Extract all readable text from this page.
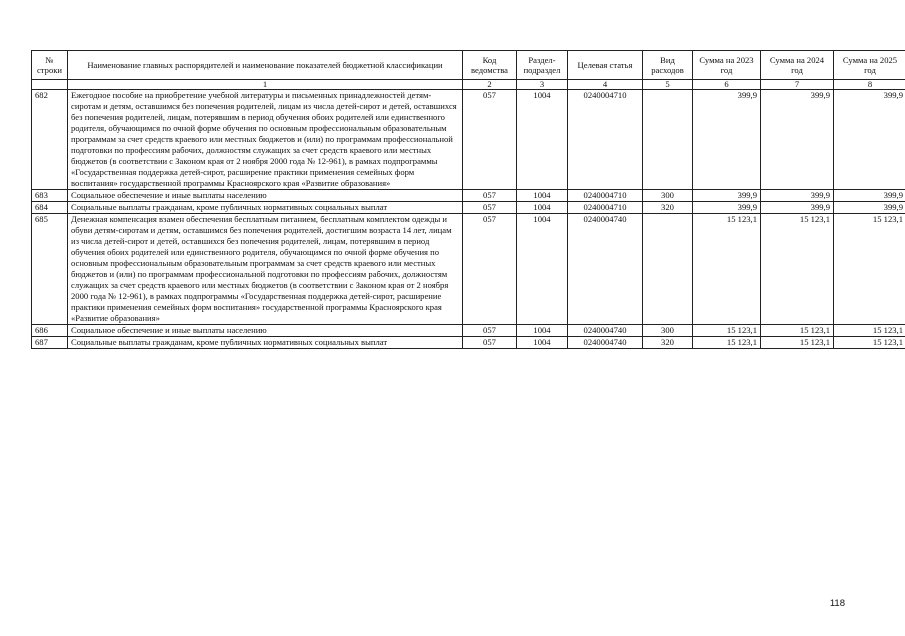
№ строки	Наименование главных распорядителей и наименование показателей бюджетной классификации	Код ведомства	Раздел-подраздел	Целевая статья	Вид расходов	Сумма на 2023 год	Сумма на 2024 год	Сумма на 2025 год
	1	2	3	4	5	6	7	8
682	Ежегодное пособие на приобретение учебной литературы и письменных принадлежностей детям-сиротам и детям, оставшимся без попечения родителей, лицам из числа детей-сирот и детей, оставшихся без попечения родителей, лицам, потерявшим в период обучения обоих родителей или единственного родителя, обучающимся по очной форме обучения по основным профессиональным образовательным программам за счет средств краевого или местных бюджетов и (или) по программам профессиональной подготовки по профессиям рабочих, должностям служащих за счет средств краевого или местных бюджетов (в соответствии с Законом края от 2 ноября 2000 года № 12-961), в рамках подпрограммы «Государственная поддержка детей-сирот, расширение практики применения семейных форм воспитания» государственной программы Красноярского края «Развитие образования»	057	1004	0240004710		399,9	399,9	399,9
683	Социальное обеспечение и иные выплаты населению	057	1004	0240004710	300	399,9	399,9	399,9
684	Социальные выплаты гражданам, кроме публичных нормативных социальных выплат	057	1004	0240004710	320	399,9	399,9	399,9
685	Денежная компенсация взамен обеспечения бесплатным питанием, бесплатным комплектом одежды и обуви детям-сиротам и детям, оставшимся без попечения родителей, достигшим возраста 14 лет, лицам из числа детей-сирот и детей, оставшихся без попечения родителей, лицам, потерявшим в период обучения обоих родителей или единственного родителя, обучающимся по очной форме обучения по основным профессиональным образовательным программам за счет средств краевого или местных бюджетов и (или) по программам профессиональной подготовки по профессиям рабочих, должностям служащих за счет средств краевого или местных бюджетов (в соответствии с Законом края от 2 ноября 2000 года № 12-961), в рамках подпрограммы «Государственная поддержка детей-сирот, расширение практики применения семейных форм воспитания» государственной программы Красноярского края «Развитие образования»	057	1004	0240004740		15 123,1	15 123,1	15 123,1
686	Социальное обеспечение и иные выплаты населению	057	1004	0240004740	300	15 123,1	15 123,1	15 123,1
687	Социальные выплаты гражданам, кроме публичных нормативных социальных выплат	057	1004	0240004740	320	15 123,1	15 123,1	15 123,1
118
